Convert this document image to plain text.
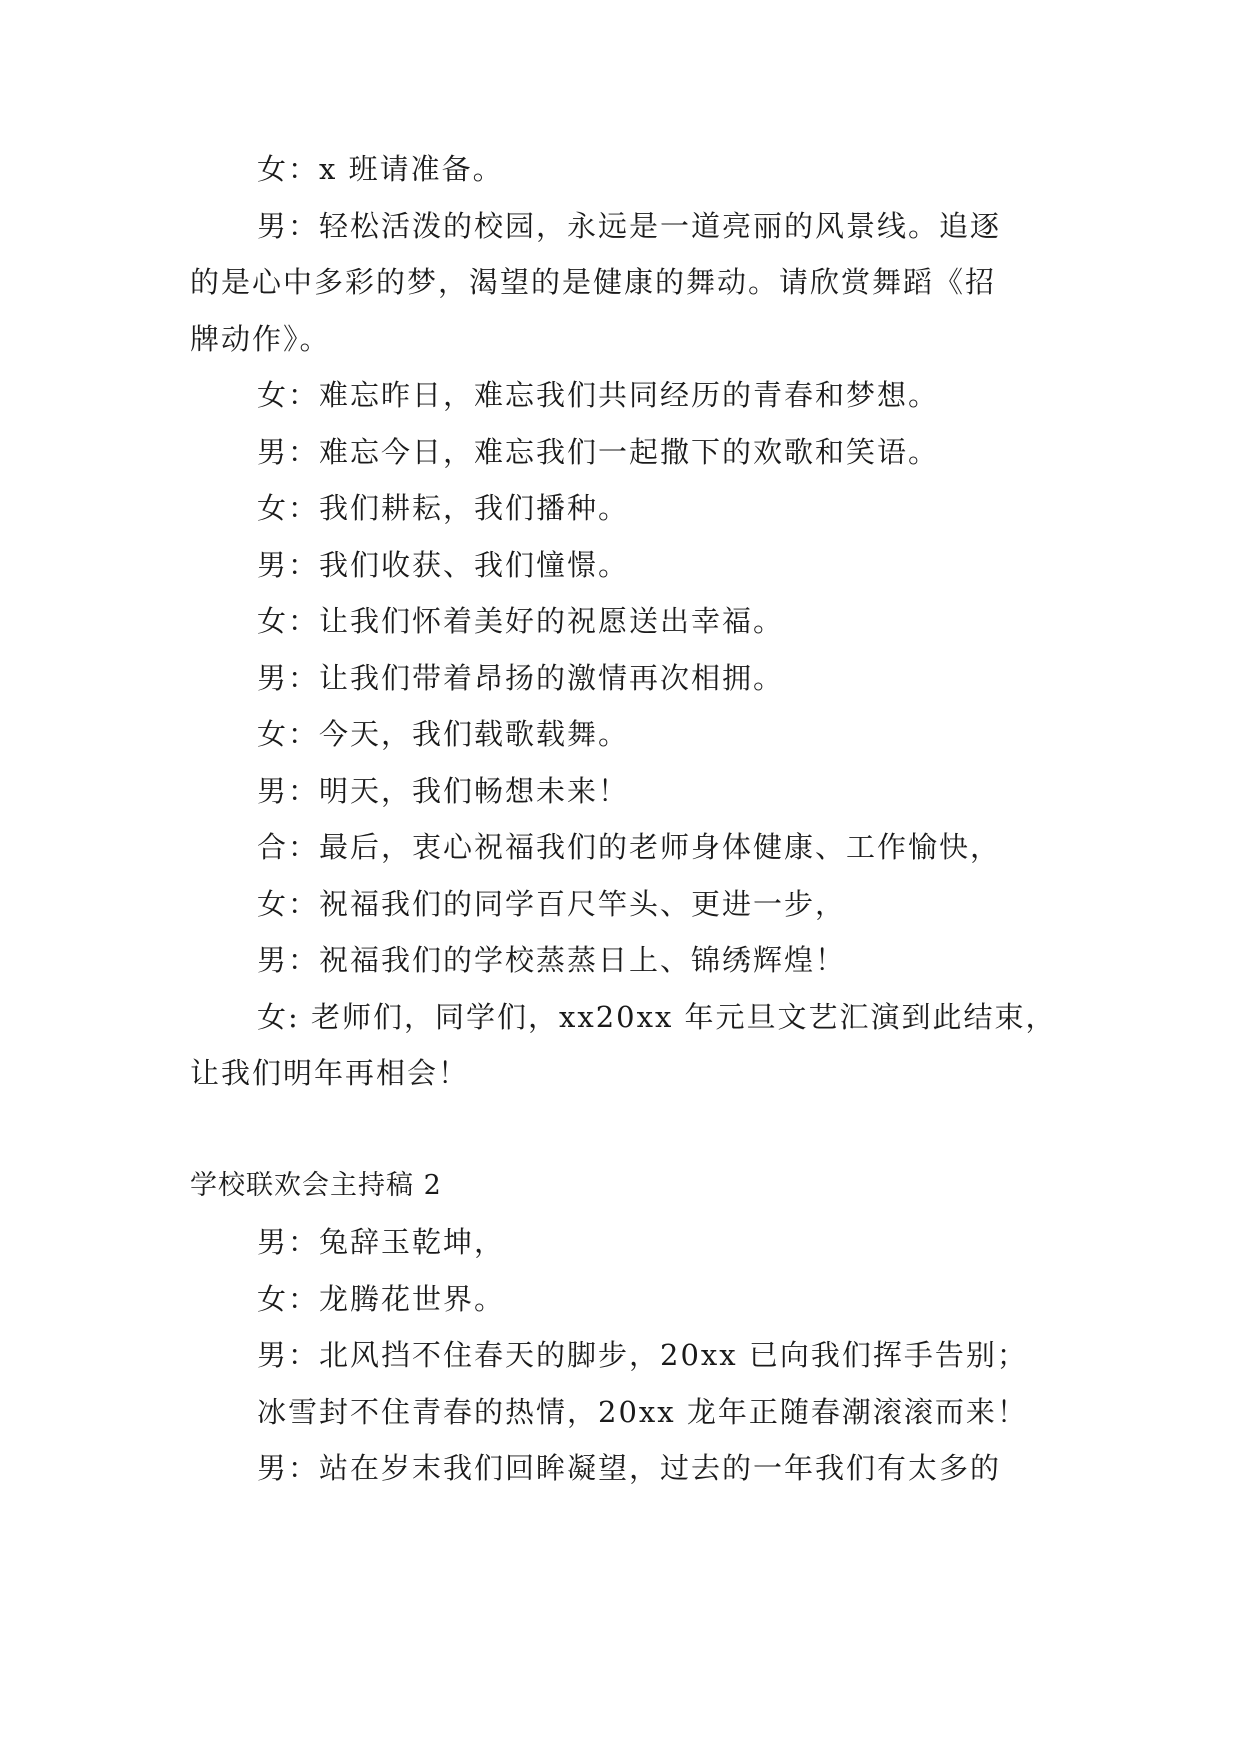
女：x 班请准备。
男：轻松活泼的校园，永远是一道亮丽的风景线。追逐
的是心中多彩的梦，渴望的是健康的舞动。请欣赏舞蹈《招
牌动作》。
女：难忘昨日，难忘我们共同经历的青春和梦想。
男：难忘今日，难忘我们一起撒下的欢歌和笑语。
女：我们耕耘，我们播种。
男：我们收获、我们憧憬。
女：让我们怀着美好的祝愿送出幸福。
男：让我们带着昂扬的激情再次相拥。
女：今天，我们载歌载舞。
男：明天，我们畅想未来！
合：最后，衷心祝福我们的老师身体健康、工作愉快，
女：祝福我们的同学百尺竿头、更进一步，
男：祝福我们的学校蒸蒸日上、锦绣辉煌！
女: 老师们，同学们，xx20xx 年元旦文艺汇演到此结束，
让我们明年再相会！
学校联欢会主持稿 2
男：兔辞玉乾坤，
女：龙腾花世界。
男：北风挡不住春天的脚步，20xx 已向我们挥手告别；
冰雪封不住青春的热情，20xx 龙年正随春潮滚滚而来！
男：站在岁末我们回眸凝望，过去的一年我们有太多的
